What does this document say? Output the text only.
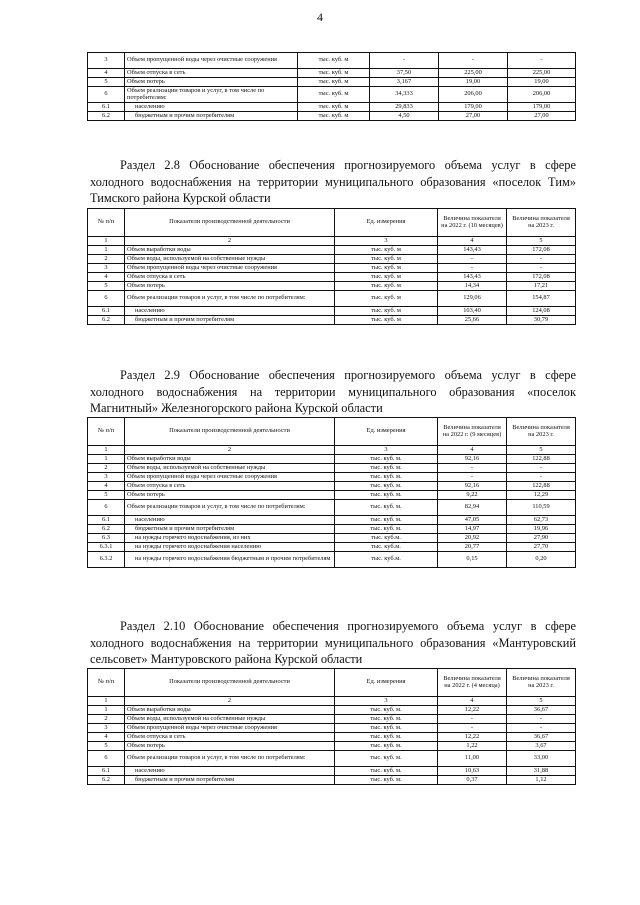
4
3	Объем пропущенной воды через очистные сооружения	тыс. куб. м	-	-	-
4	Объем отпуска в сеть	тыс. куб. м	37,50	225,00	225,00
5	Объем потерь	тыс. куб. м	3,167	19,00	19,00
6	Объем реализации товаров и услуг, в том числе по потребителям:	тыс. куб. м	34,333	206,00	206,00
6.1	населению	тыс. куб. м	29,833	179,00	179,00
6.2	бюджетным и прочим потребителям	тыс. куб. м	4,50	27,00	27,00
Раздел 2.8 Обоснование обеспечения прогнозируемого объема услуг в сфере холодного водоснабжения на территории муниципального образования «поселок Тим» Тимского района Курской области
№ п/п	Показатели производственной деятельности	Ед. измерения	Величина показателя на 2022 г. (10 месяцев)	Величина показателя на 2023 г.
1	2	3	4	5
1	Объем выработки воды	тыс. куб. м	143,43	172,08
2	Объем воды, используемой на собственные нужды	тыс. куб. м	-	-
3	Объем пропущенной воды через очистные сооружения	тыс. куб. м	-	-
4	Объем отпуска в сеть	тыс. куб. м	143,43	172,08
5	Объем потерь	тыс. куб. м	14,34	17,21
6	Объем реализации товаров и услуг, в том числе по потребителям:	тыс. куб. м	129,06	154,87
6.1	населению	тыс. куб. м	103,40	124,08
6.2	бюджетным и прочим потребителям	тыс. куб. м	25,66	30,79
Раздел 2.9 Обоснование обеспечения прогнозируемого объема услуг в сфере холодного водоснабжения на территории муниципального образования «поселок Магнитный» Железногорского района Курской области
№ п/п	Показатели производственной деятельности	Ед. измерения	Величина показателя на 2022 г. (9 месяцев)	Величина показателя на 2023 г.
1	2	3	4	5
1	Объем выработки воды	тыс. куб. м.	92,16	122,88
2	Объем воды, используемой на собственные нужды	тыс. куб. м.	-	-
3	Объем пропущенной воды через очистные сооружения	тыс. куб. м.	-	-
4	Объем отпуска в сеть	тыс. куб. м.	92,16	122,88
5	Объем потерь	тыс. куб. м.	9,22	12,29
6	Объем реализации товаров и услуг, в том числе по потребителям:	тыс. куб. м.	82,94	110,59
6.1	населению	тыс. куб. м.	47,05	62,73
6.2	бюджетным и прочим потребителям	тыс. куб. м.	14,97	19,96
6.3	на нужды горячего водоснабжения, из них	тыс. куб.м.	20,92	27,90
6.3.1	на нужды горячего водоснабжения населению	тыс. куб.м.	20,77	27,70
6.3.2	на нужды горячего водоснабжения бюджетным и прочим потребителям	тыс. куб.м.	0,15	0,20
Раздел 2.10 Обоснование обеспечения прогнозируемого объема услуг в сфере холодного водоснабжения на территории муниципального образования «Мантуровский сельсовет» Мантуровского района Курской области
№ п/п	Показатели производственной деятельности	Ед. измерения	Величина показателя на 2022 г. (4 месяца)	Величина показателя на 2023 г.
1	2	3	4	5
1	Объем выработки воды	тыс. куб. м.	12,22	36,67
2	Объем воды, используемой на собственные нужды	тыс. куб. м.	-	-
3	Объем пропущенной воды через очистные сооружения	тыс. куб. м.	-	-
4	Объем отпуска в сеть	тыс. куб. м.	12,22	36,67
5	Объем потерь	тыс. куб. м.	1,22	3,67
6	Объем реализации товаров и услуг, в том числе по потребителям:	тыс. куб. м.	11,00	33,00
6.1	населению	тыс. куб. м.	10,63	31,88
6.2	бюджетным и прочим потребителям	тыс. куб. м.	0,37	1,12
